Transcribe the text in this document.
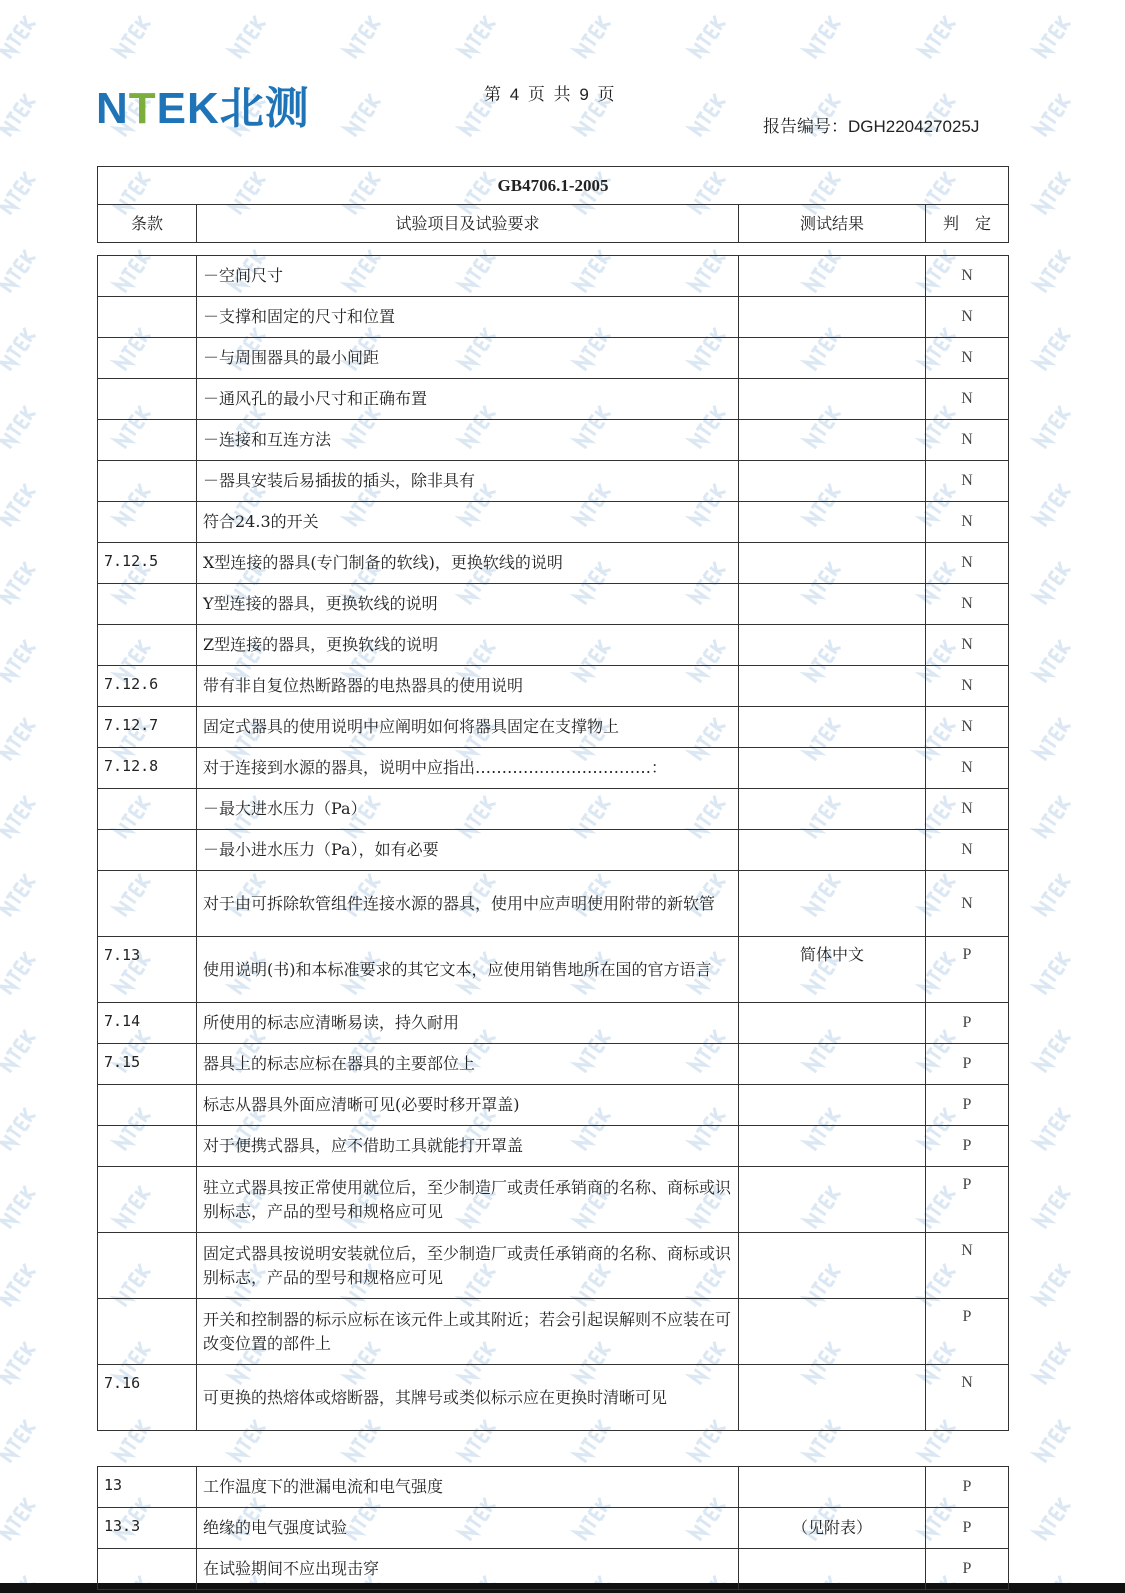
NTEK北测	第 4 页 共 9 页
报告编号：DGH220427025J
GB4706.1-2005
条款	试验项目及试验要求	测试结果	判　定
	－空间尺寸		N
	－支撑和固定的尺寸和位置		N
	－与周围器具的最小间距		N
	－通风孔的最小尺寸和正确布置		N
	－连接和互连方法		N
	－器具安装后易插拔的插头，除非具有		N
	符合24.3的开关		N
7.12.5	X型连接的器具(专门制备的软线)，更换软线的说明		N
	Y型连接的器具，更换软线的说明		N
	Z型连接的器具，更换软线的说明		N
7.12.6	带有非自复位热断路器的电热器具的使用说明		N
7.12.7	固定式器具的使用说明中应阐明如何将器具固定在支撑物上		N
7.12.8	对于连接到水源的器具，说明中应指出……………………………：		N
	－最大进水压力（Pa）		N
	－最小进水压力（Pa），如有必要		N
	对于由可拆除软管组件连接水源的器具，使用中应声明使用附带的新软管		N
7.13	使用说明(书)和本标准要求的其它文本，应使用销售地所在国的官方语言	简体中文	P
7.14	所使用的标志应清晰易读，持久耐用		P
7.15	器具上的标志应标在器具的主要部位上		P
	标志从器具外面应清晰可见(必要时移开罩盖)		P
	对于便携式器具，应不借助工具就能打开罩盖		P
	驻立式器具按正常使用就位后，至少制造厂或责任承销商的名称、商标或识别标志，产品的型号和规格应可见		P
	固定式器具按说明安装就位后，至少制造厂或责任承销商的名称、商标或识别标志，产品的型号和规格应可见		N
	开关和控制器的标示应标在该元件上或其附近；若会引起误解则不应装在可改变位置的部件上		P
7.16	可更换的热熔体或熔断器，其牌号或类似标示应在更换时清晰可见		N
13	工作温度下的泄漏电流和电气强度		P
13.3	绝缘的电气强度试验	（见附表）	P
	在试验期间不应出现击穿		P
